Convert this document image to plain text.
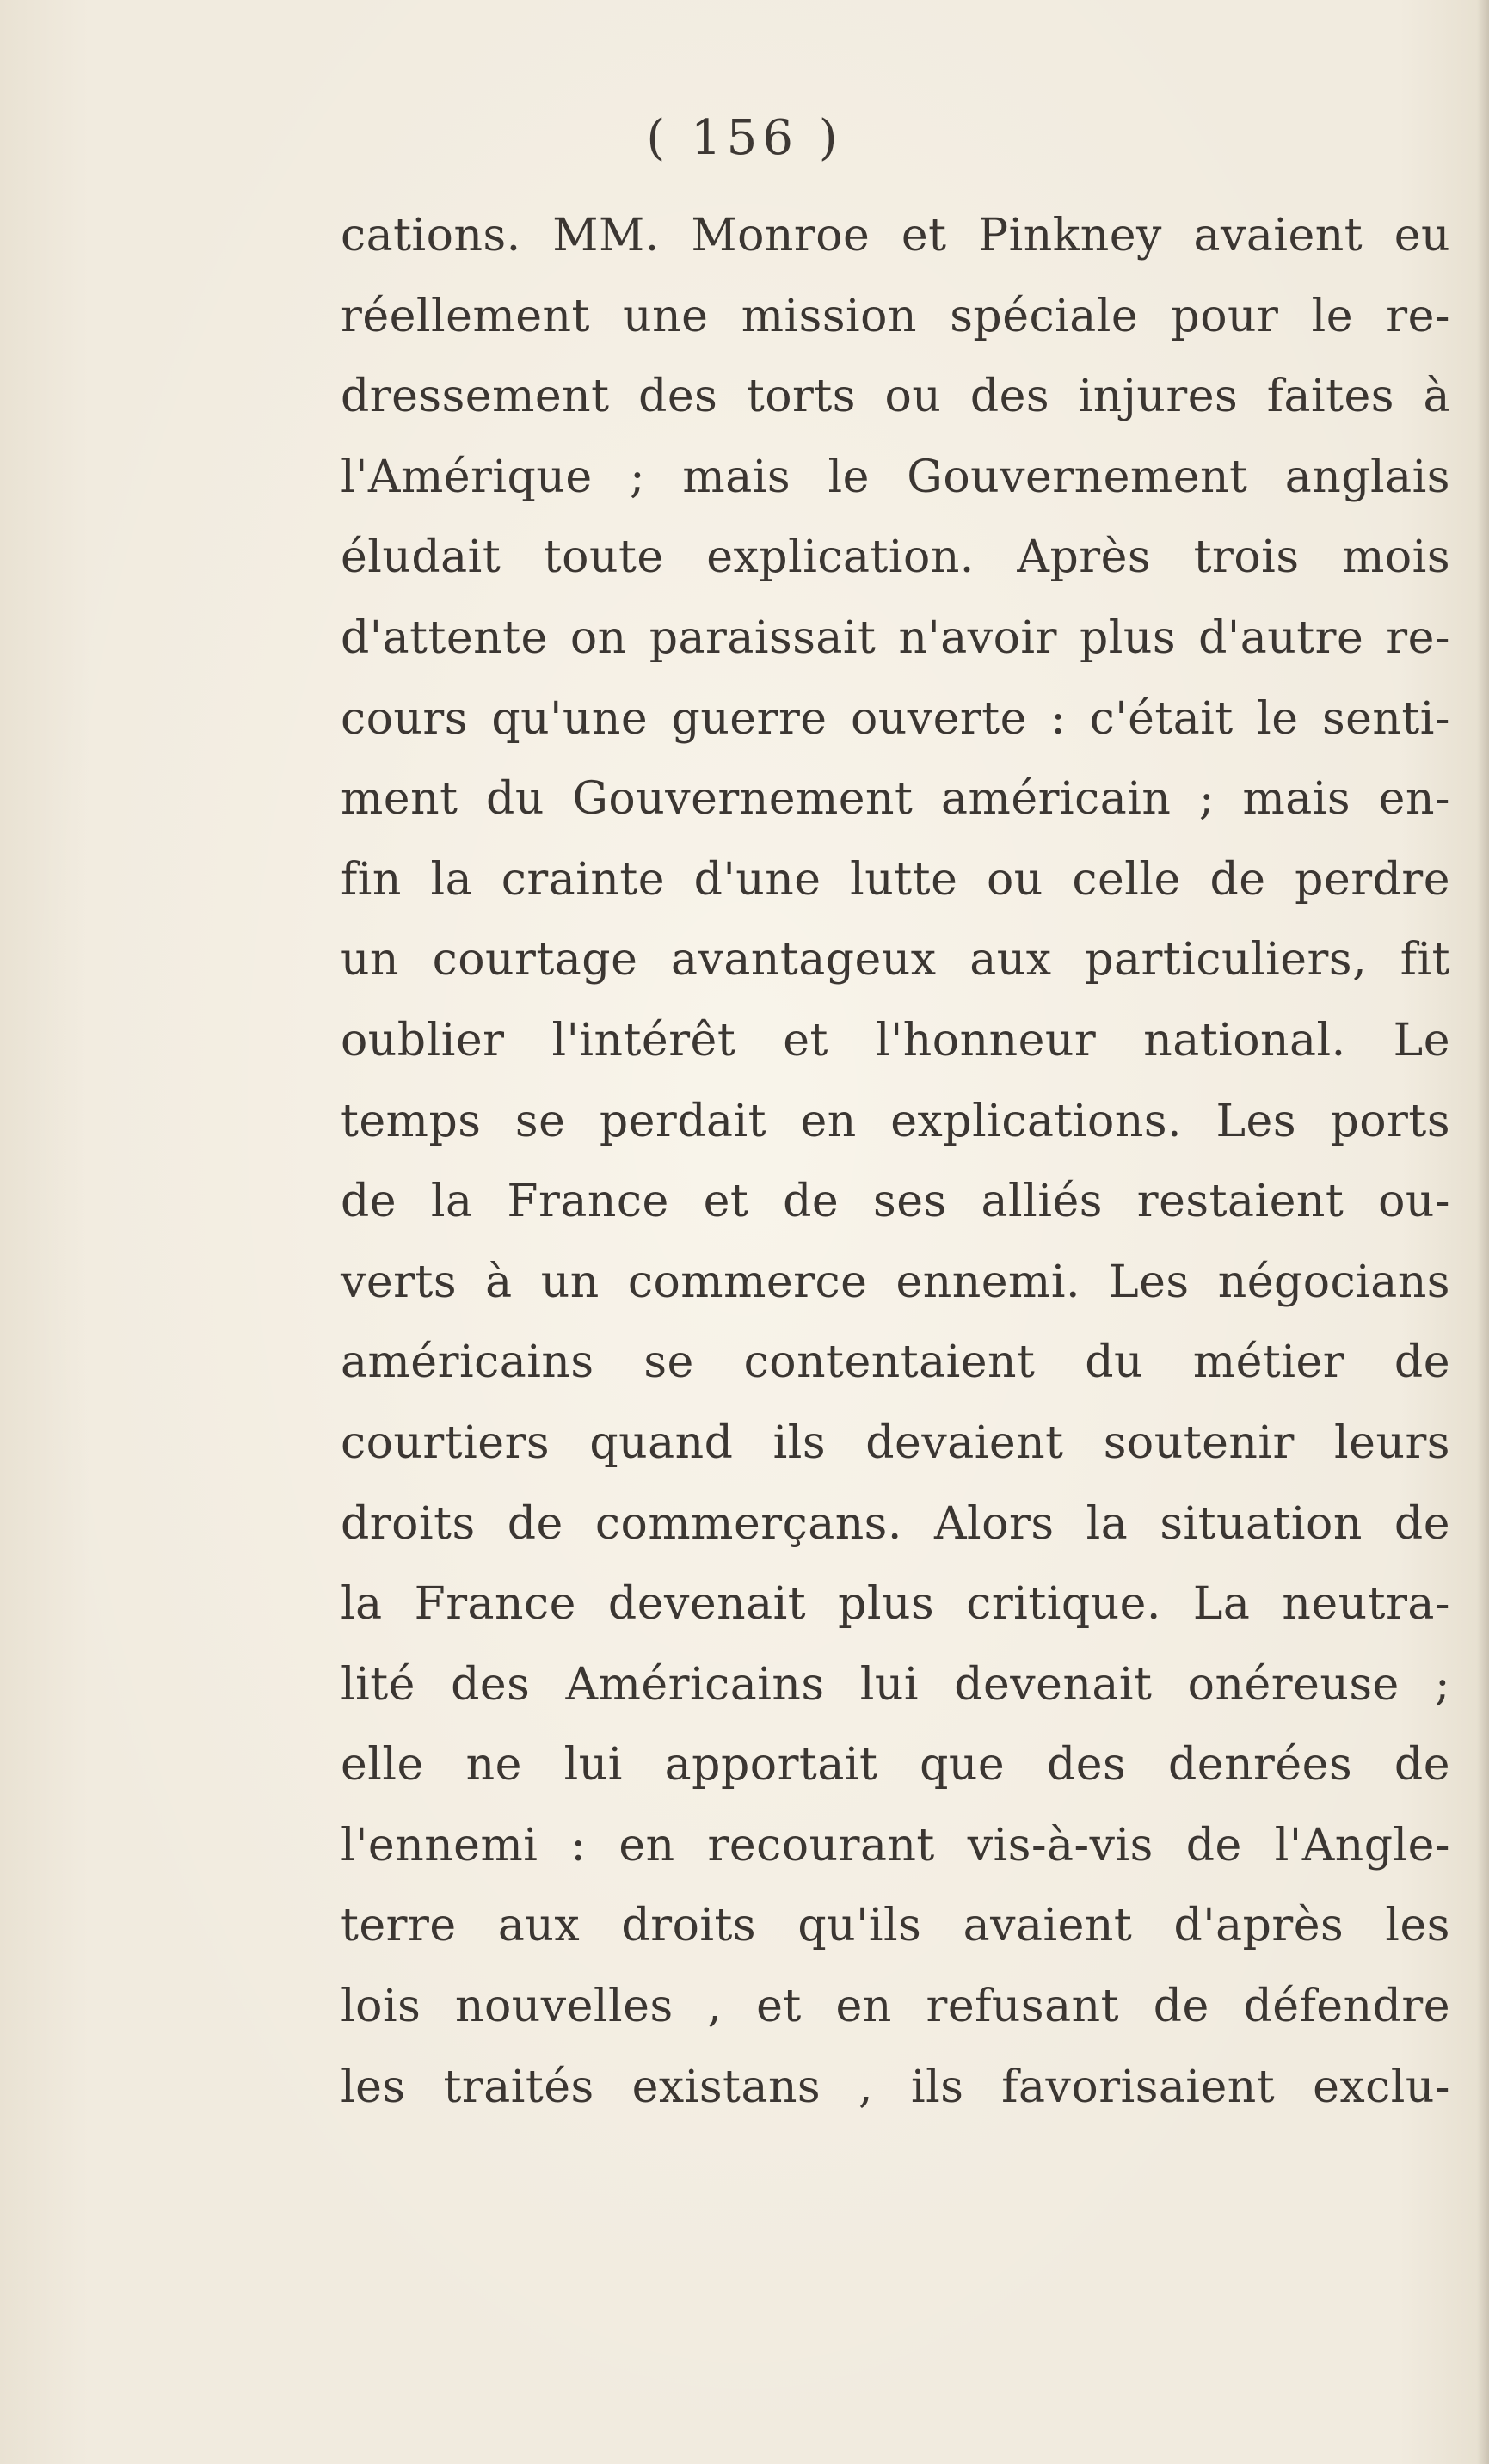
( 156 )
cations. MM. Monroe et Pinkney avaient eu
réellement une mission spéciale pour le re-
dressement des torts ou des injures faites à
l'Amérique ; mais le Gouvernement anglais
éludait toute explication. Après trois mois
d'attente on paraissait n'avoir plus d'autre re-
cours qu'une guerre ouverte : c'était le senti-
ment du Gouvernement américain ; mais en-
fin la crainte d'une lutte ou celle de perdre
un courtage avantageux aux particuliers, fit
oublier l'intérêt et l'honneur national. Le
temps se perdait en explications. Les ports
de la France et de ses alliés restaient ou-
verts à un commerce ennemi. Les négocians
américains se contentaient du métier de
courtiers quand ils devaient soutenir leurs
droits de commerçans. Alors la situation de
la France devenait plus critique. La neutra-
lité des Américains lui devenait onéreuse ;
elle ne lui apportait que des denrées de
l'ennemi : en recourant vis-à-vis de l'Angle-
terre aux droits qu'ils avaient d'après les
lois nouvelles , et en refusant de défendre
les traités existans , ils favorisaient exclu-
